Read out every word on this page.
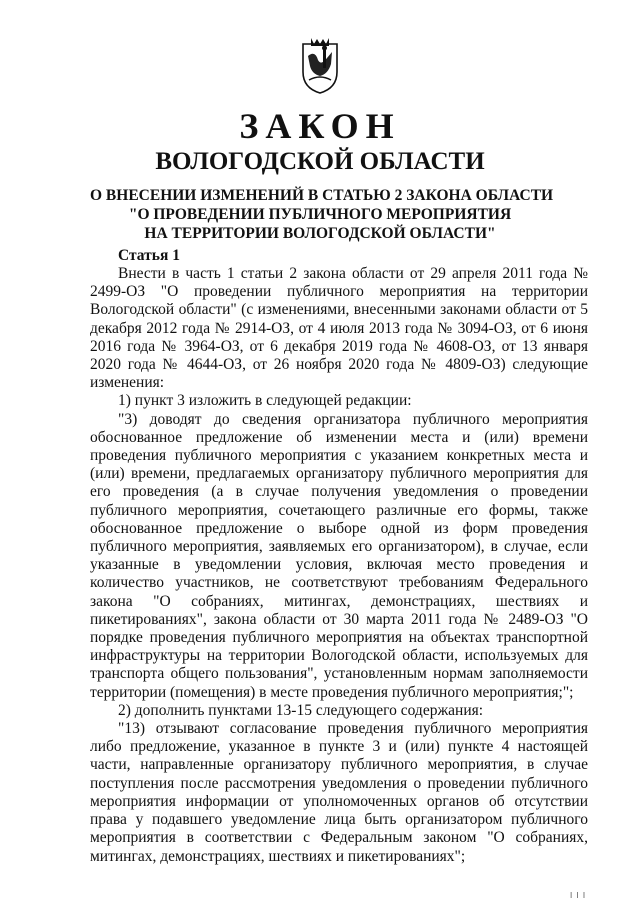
ЗАКОН
ВОЛОГОДСКОЙ ОБЛАСТИ
О ВНЕСЕНИИ ИЗМЕНЕНИЙ В СТАТЬЮ 2 ЗАКОНА ОБЛАСТИ
"О ПРОВЕДЕНИИ ПУБЛИЧНОГО МЕРОПРИЯТИЯ
НА ТЕРРИТОРИИ ВОЛОГОДСКОЙ ОБЛАСТИ"
Статья 1

Внести в часть 1 статьи 2 закона области от 29 апреля 2011 года № 2499-ОЗ "О проведении публичного мероприятия на территории Вологодской области" (с изменениями, внесенными законами области от 5 декабря 2012 года № 2914-ОЗ, от 4 июля 2013 года № 3094-ОЗ, от 6 июня 2016 года № 3964-ОЗ, от 6 декабря 2019 года № 4608-ОЗ, от 13 января 2020 года № 4644-ОЗ, от 26 ноября 2020 года № 4809-ОЗ) следующие изменения:

1) пункт 3 изложить в следующей редакции:

"3) доводят до сведения организатора публичного мероприятия обоснованное предложение об изменении места и (или) времени проведения публичного мероприятия с указанием конкретных места и (или) времени, предлагаемых организатору публичного мероприятия для его проведения (а в случае получения уведомления о проведении публичного мероприятия, сочетающего различные его формы, также обоснованное предложение о выборе одной из форм проведения публичного мероприятия, заявляемых его организатором), в случае, если указанные в уведомлении условия, включая место проведения и количество участников, не соответствуют требованиям Федерального закона "О собраниях, митингах, демонстрациях, шествиях и пикетированиях", закона области от 30 марта 2011 года № 2489-ОЗ "О порядке проведения публичного мероприятия на объектах транспортной инфраструктуры на территории Вологодской области, используемых для транспорта общего пользования", установленным нормам заполняемости территории (помещения) в месте проведения публичного мероприятия;";

2) дополнить пунктами 13-15 следующего содержания:

"13) отзывают согласование проведения публичного мероприятия либо предложение, указанное в пункте 3 и (или) пункте 4 настоящей части, направленные организатору публичного мероприятия, в случае поступления после рассмотрения уведомления о проведении публичного мероприятия информации от уполномоченных органов об отсутствии права у подавшего уведомление лица быть организатором публичного мероприятия в соответствии с Федеральным законом "О собраниях, митингах, демонстрациях, шествиях и пикетированиях";

I I I
